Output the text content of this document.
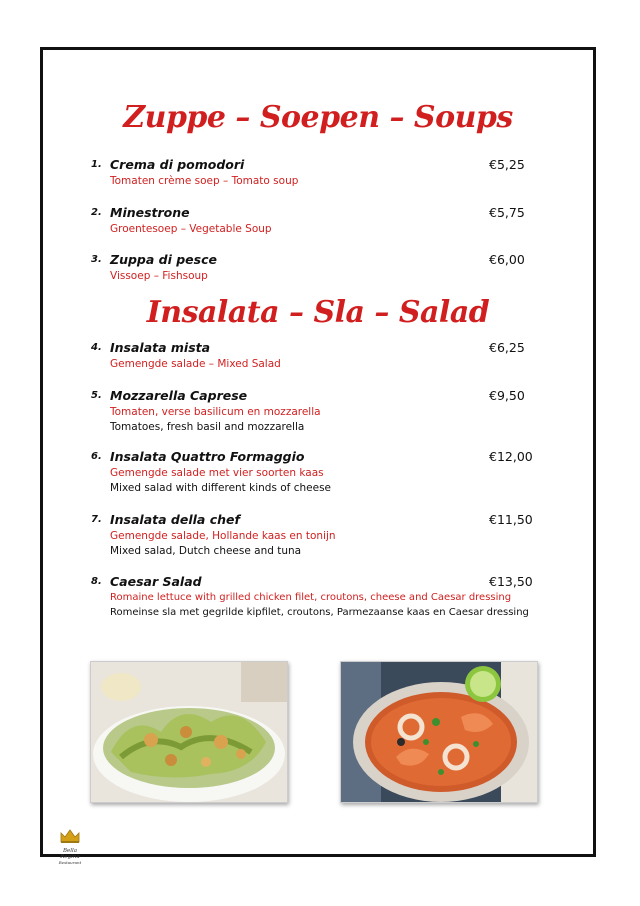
Zuppe – Soepen – Soups
1. Crema di pomodori	€5,25
Tomaten crème soep – Tomato soup
2. Minestrone	€5,75
Groentesoep – Vegetable Soup
3. Zuppa di pesce	€6,00
Vissoep – Fishsoup
Insalata – Sla – Salad
4. Insalata mista	€6,25
Gemengde salade – Mixed Salad
5. Mozzarella Caprese	€9,50
Tomaten, verse basilicum en mozzarella
Tomatoes, fresh basil and mozzarella
6. Insalata Quattro Formaggio	€12,00
Gemengde salade met vier soorten kaas
Mixed salad with different kinds of cheese
7. Insalata della chef	€11,50
Gemengde salade, Hollande kaas en tonijn
Mixed salad, Dutch cheese and tuna
8. Caesar Salad	€13,50
Romaine lettuce with grilled chicken filet, croutons, cheese and Caesar dressing
Romeinse sla met gegrilde kipfilet, croutons, Parmezaanse kaas en Caesar dressing
Bella Regina
Restaurant
